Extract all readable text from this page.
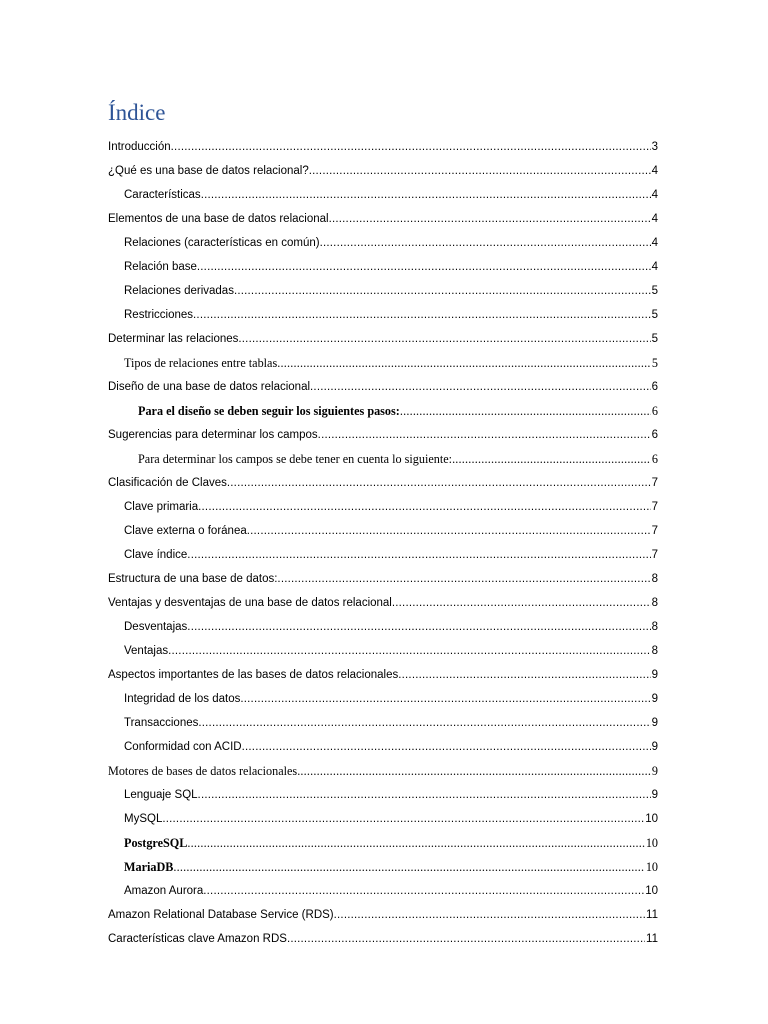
Índice
Introducción .....	3
¿Qué es una base de datos relacional? .....	4
Características .....	4
Elementos de una base de datos relacional .....	4
Relaciones (características en común) .....	4
Relación base .....	4
Relaciones derivadas .....	5
Restricciones .....	5
Determinar las relaciones .....	5
Tipos de relaciones entre tablas .....	5
Diseño de una base de datos relacional .....	6
Para el diseño se deben seguir los siguientes pasos: .....	6
Sugerencias para determinar los campos .....	6
Para determinar los campos se debe tener en cuenta lo siguiente: .....	6
Clasificación de Claves .....	7
Clave primaria .....	7
Clave externa o foránea .....	7
Clave índice .....	7
Estructura de una base de datos: .....	8
Ventajas y desventajas de una base de datos relacional .....	8
Desventajas .....	8
Ventajas .....	8
Aspectos importantes de las bases de datos relacionales .....	9
Integridad de los datos .....	9
Transacciones .....	9
Conformidad con ACID .....	9
Motores de bases de datos relacionales .....	9
Lenguaje SQL .....	9
MySQL .....	10
PostgreSQL .....	10
MariaDB .....	10
Amazon Aurora .....	10
Amazon Relational Database Service (RDS) .....	11
Características clave Amazon RDS .....	11
